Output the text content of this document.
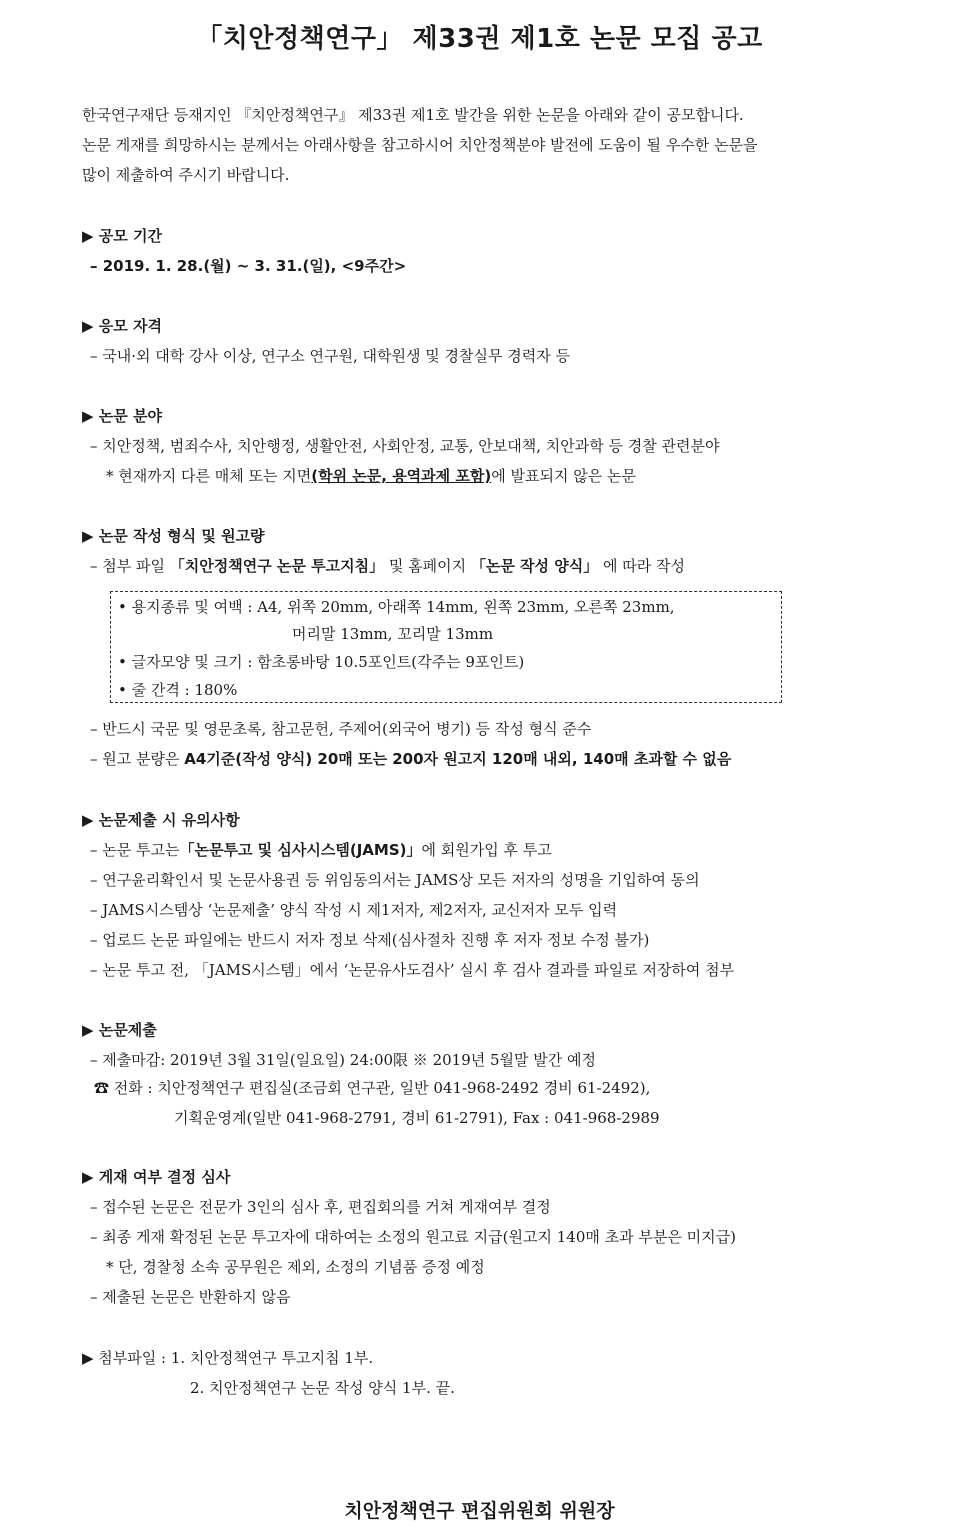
「치안정책연구」 제33권 제1호 논문 모집 공고
한국연구재단 등재지인 『치안정책연구』 제33권 제1호 발간을 위한 논문을 아래와 같이 공모합니다.
논문 게재를 희망하시는 분께서는 아래사항을 참고하시어 치안정책분야 발전에 도움이 될 우수한 논문을
많이 제출하여 주시기 바랍니다.
▶ 공모 기간
– 2019. 1. 28.(월) ~ 3. 31.(일), <9주간>
▶ 응모 자격
– 국내·외 대학 강사 이상, 연구소 연구원, 대학원생 및 경찰실무 경력자 등
▶ 논문 분야
– 치안정책, 범죄수사, 치안행정, 생활안전, 사회안정, 교통, 안보대책, 치안과학 등 경찰 관련분야
* 현재까지 다른 매체 또는 지면(학위 논문, 용역과제 포함)에 발표되지 않은 논문
▶ 논문 작성 형식 및 원고량
– 첨부 파일 「치안정책연구 논문 투고지침」 및 홈페이지 「논문 작성 양식」 에 따라 작성
• 용지종류 및 여백 : A4, 위쪽 20mm, 아래쪽 14mm, 왼쪽 23mm, 오른쪽 23mm,
머리말 13mm, 꼬리말 13mm
• 글자모양 및 크기 : 함초롱바탕 10.5포인트(각주는 9포인트)
• 줄 간격 : 180%
– 반드시 국문 및 영문초록, 참고문헌, 주제어(외국어 병기) 등 작성 형식 준수
– 원고 분량은 A4기준(작성 양식) 20매 또는 200자 원고지 120매 내외, 140매 초과할 수 없음
▶ 논문제출 시 유의사항
– 논문 투고는「논문투고 및 심사시스템(JAMS)」에 회원가입 후 투고
– 연구윤리확인서 및 논문사용권 등 위임동의서는 JAMS상 모든 저자의 성명을 기입하여 동의
– JAMS시스템상 ‘논문제출’ 양식 작성 시 제1저자, 제2저자, 교신저자 모두 입력
– 업로드 논문 파일에는 반드시 저자 정보 삭제(심사절차 진행 후 저자 정보 수정 불가)
– 논문 투고 전, 「JAMS시스템」에서 ‘논문유사도검사’ 실시 후 검사 결과를 파일로 저장하여 첨부
▶ 논문제출
– 제출마감: 2019년 3월 31일(일요일) 24:00限 ※ 2019년 5월말 발간 예정
☎ 전화 : 치안정책연구 편집실(조금회 연구관, 일반 041-968-2492 경비 61-2492),
기획운영계(일반 041-968-2791, 경비 61-2791), Fax : 041-968-2989
▶ 게재 여부 결정 심사
– 접수된 논문은 전문가 3인의 심사 후, 편집회의를 거쳐 게재여부 결정
– 최종 게재 확정된 논문 투고자에 대하여는 소정의 원고료 지급(원고지 140매 초과 부분은 미지급)
* 단, 경찰청 소속 공무원은 제외, 소정의 기념품 증정 예정
– 제출된 논문은 반환하지 않음
▶ 첨부파일 : 1. 치안정책연구 투고지침 1부.
2. 치안정책연구 논문 작성 양식 1부. 끝.
치안정책연구 편집위원회 위원장
